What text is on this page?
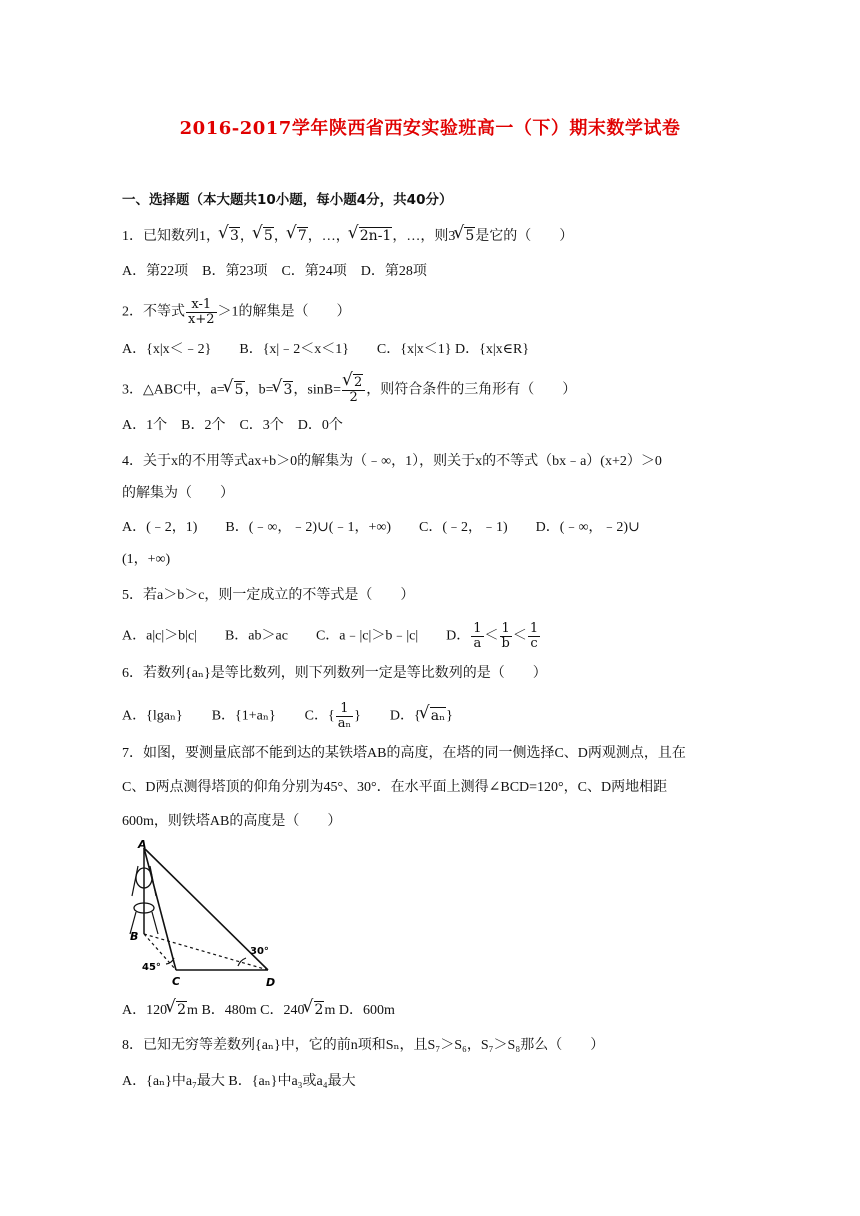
2016-2017学年陕西省西安实验班高一（下）期末数学试卷
一、选择题（本大题共10小题，每小题4分，共40分）
1．已知数列1， √ 3， √ 5， √ 7，…， √ 2n-1，…，则3 √ 5是它的（　　）
A．第22项　B．第23项　C．第24项　D．第28项
2．不等式 $\frac{x-1}{x+2} >1$的解集是（　　）
A．{x|x＜﹣2}　　B．{x|﹣2＜x＜1}　　C．{x|x＜1} D．{x|x∈R}
3．△ABC中，a= √ 5，b= √ 3，sinB= √ $\frac{2}{2}$ ，则符合条件的三角形有（　　）
A．1个　B．2个　C．3个　D．0个
4．关于x的不用等式ax+b＞0的解集为（﹣∞，1），则关于x的不等式（bx﹣a）(x+2）＞0
的解集为（　　）
A．(﹣2，1)　　B．(﹣∞，﹣2)∪(﹣1，+∞)　　C．(﹣2，﹣1)　　D．(﹣∞，﹣2)∪
(1，+∞)
5．若a＞b＞c，则一定成立的不等式是（　　）
A．a|c|＞b|c|　　B．ab＞ac　　C．a﹣|c|＞b﹣|c|　　D． $\frac{1}{a} < \frac{1}{b} < \frac{1}{c}$
6．若数列{aₙ}是等比数列，则下列数列一定是等比数列的是（　　）
A．{lgaₙ} B．{1+aₙ} C．{ $\frac{1}{\text{aₙ}}$ } D．{ √ aₙ}
7．如图，要测量底部不能到达的某铁塔AB的高度，在塔的同一侧选择C、D两观测点，且在
C、D两点测得塔顶的仰角分别为45°、30°．在水平面上测得∠BCD=120°，C、D两地相距
600m，则铁塔AB的高度是（　　）
A
B
C	D
45°
30°
A．120 √ 2m B．480m C．240 √ 2m D．600m
8．已知无穷等差数列{aₙ}中，它的前n项和Sₙ，且S₇＞S₆，S₇＞S₈那么（　　）
A．{aₙ}中a₇最大 B．{aₙ}中a₃或a₄最大
